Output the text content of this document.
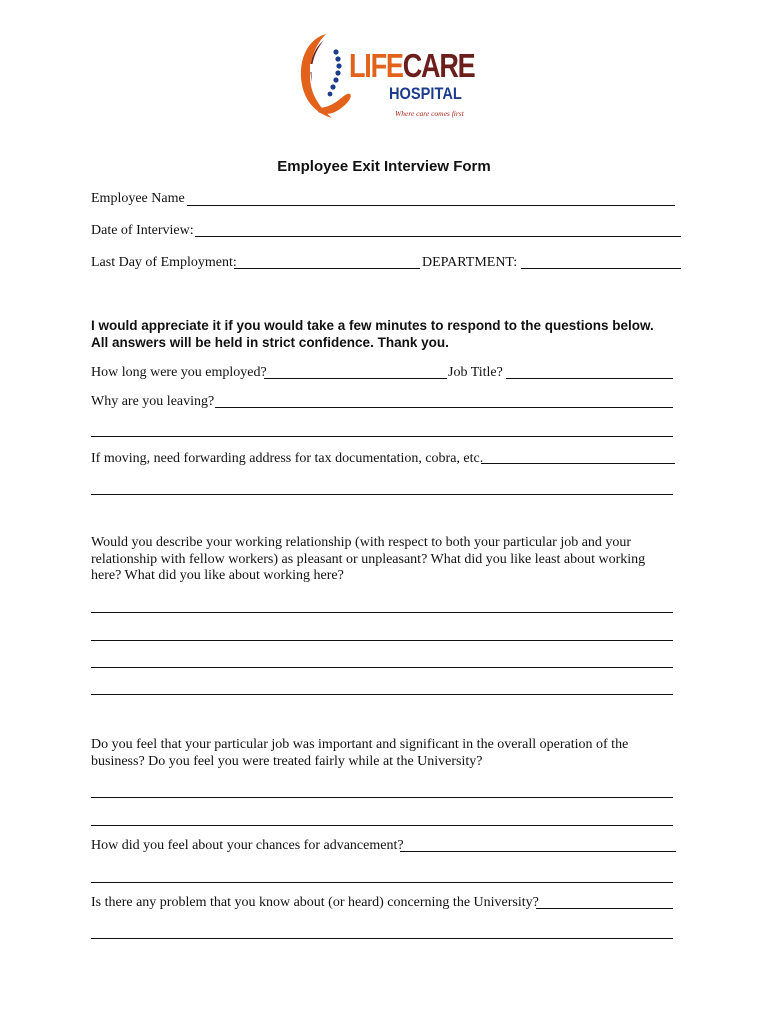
LIFECARE
HOSPITAL
Where care comes first
Employee Exit Interview Form
Employee Name
Date of Interview:
Last Day of Employment:	DEPARTMENT:
I would appreciate it if you would take a few minutes to respond to the questions below.
All answers will be held in strict confidence. Thank you.
How long were you employed?	Job Title?
Why are you leaving?
If moving, need forwarding address for tax documentation, cobra, etc.
Would you describe your working relationship (with respect to both your particular job and your relationship with fellow workers) as pleasant or unpleasant? What did you like least about working here? What did you like about working here?
Do you feel that your particular job was important and significant in the overall operation of the business? Do you feel you were treated fairly while at the University?
How did you feel about your chances for advancement?
Is there any problem that you know about (or heard) concerning the University?
